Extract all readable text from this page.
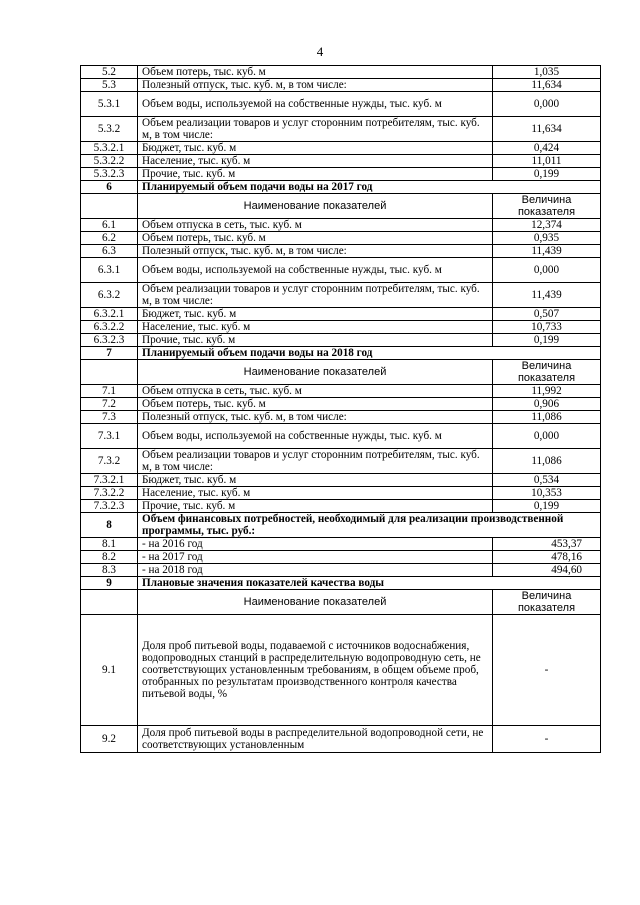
4
5.2	Объем потерь, тыс. куб. м	1,035
5.3	Полезный отпуск, тыс. куб. м, в том числе:	11,634
5.3.1	Объем воды, используемой на собственные нужды, тыс. куб. м	0,000
5.3.2	Объем реализации товаров и услуг сторонним потребителям, тыс. куб. м, в том числе:	11,634
5.3.2.1	Бюджет, тыс. куб. м	0,424
5.3.2.2	Население, тыс. куб. м	11,011
5.3.2.3	Прочие, тыс. куб. м	0,199
6	Планируемый объем подачи воды на 2017 год	
	Наименование показателей	Величина показателя
6.1	Объем отпуска в сеть, тыс. куб. м	12,374
6.2	Объем потерь, тыс. куб. м	0,935
6.3	Полезный отпуск, тыс. куб. м, в том числе:	11,439
6.3.1	Объем воды, используемой на собственные нужды, тыс. куб. м	0,000
6.3.2	Объем реализации товаров и услуг сторонним потребителям, тыс. куб. м, в том числе:	11,439
6.3.2.1	Бюджет, тыс. куб. м	0,507
6.3.2.2	Население, тыс. куб. м	10,733
6.3.2.3	Прочие, тыс. куб. м	0,199
7	Планируемый объем подачи воды на 2018 год	
	Наименование показателей	Величина показателя
7.1	Объем отпуска в сеть, тыс. куб. м	11,992
7.2	Объем потерь, тыс. куб. м	0,906
7.3	Полезный отпуск, тыс. куб. м, в том числе:	11,086
7.3.1	Объем воды, используемой на собственные нужды, тыс. куб. м	0,000
7.3.2	Объем реализации товаров и услуг сторонним потребителям, тыс. куб. м, в том числе:	11,086
7.3.2.1	Бюджет, тыс. куб. м	0,534
7.3.2.2	Население, тыс. куб. м	10,353
7.3.2.3	Прочие, тыс. куб. м	0,199
8	Объем финансовых потребностей, необходимый для реализации производственной программы, тыс. руб.:	
8.1	- на 2016 год	453,37
8.2	- на 2017 год	478,16
8.3	- на 2018 год	494,60
9	Плановые значения показателей качества воды	
	Наименование показателей	Величина показателя
9.1	Доля проб питьевой воды, подаваемой с источников водоснабжения, водопроводных станций в распределительную водопроводную сеть, не соответствующих установленным требованиям, в общем объеме проб, отобранных по результатам производственного контроля качества питьевой воды, %	-
9.2	Доля проб питьевой воды в распределительной водопроводной сети, не соответствующих установленным	-
